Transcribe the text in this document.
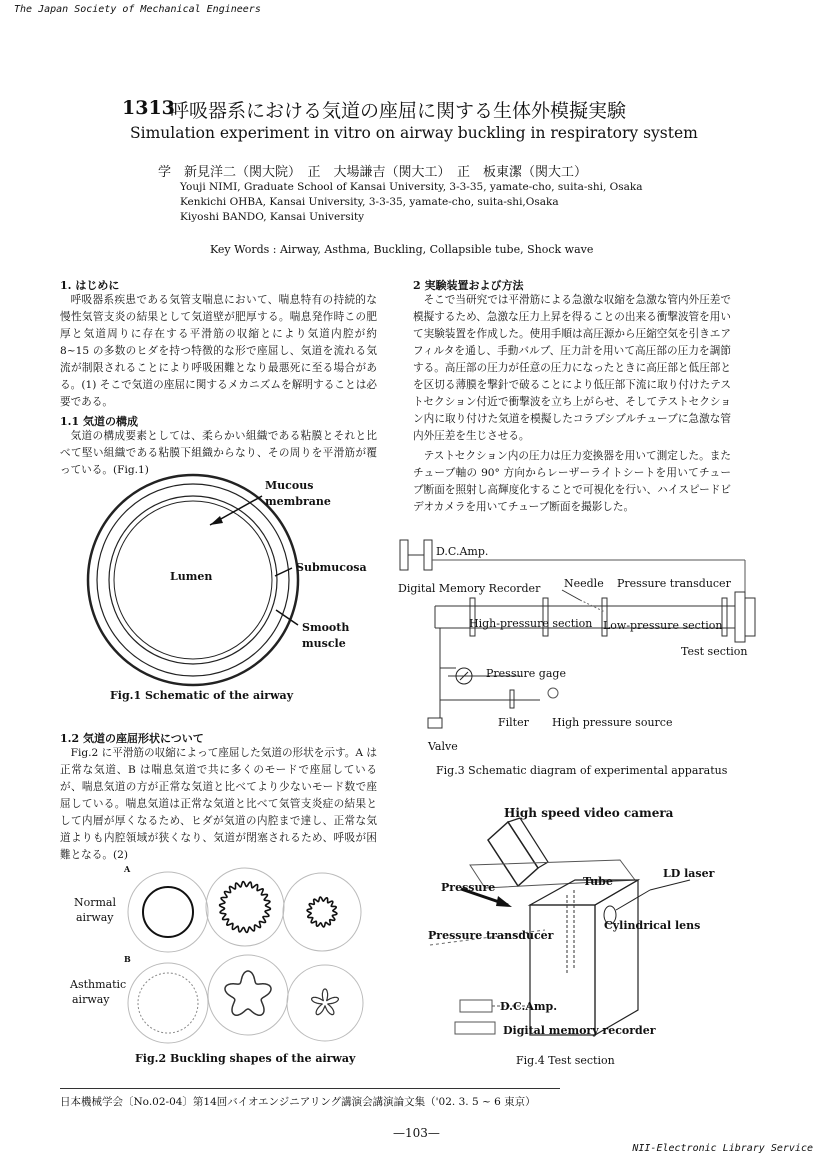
The Japan Society of Mechanical Engineers
1313
呼吸器系における気道の座屈に関する生体外模擬実験
Simulation experiment in vitro on airway buckling in respiratory system
学　新見洋二（関大院）　正　大場謙吉（関大工）　正　板東潔（関大工）
Youji NIMI, Graduate School of Kansai University, 3-3-35, yamate-cho, suita-shi, Osaka
Kenkichi OHBA, Kansai University, 3-3-35, yamate-cho, suita-shi,Osaka
Kiyoshi BANDO, Kansai University
Key Words : Airway, Asthma, Buckling, Collapsible tube, Shock wave
1. はじめに
呼吸器系疾患である気管支喘息において、喘息特有の持続的な慢性気管支炎の結果として気道壁が肥厚する。喘息発作時この肥厚と気道周りに存在する平滑筋の収縮とにより気道内腔が約 8~15 の多数のヒダを持つ特徴的な形で座屈し、気道を流れる気流が制限されることにより呼吸困難となり最悪死に至る場合がある。(1) そこで気道の座屈に関するメカニズムを解明することは必要である。
1.1 気道の構成
気道の構成要素としては、柔らかい組織である粘膜とそれと比べて堅い組織である粘膜下組織からなり、その周りを平滑筋が覆っている。(Fig.1)
Lumen
Mucous
membrane
Submucosa
Smooth
muscle
Fig.1 Schematic of the airway
1.2 気道の座屈形状について
Fig.2 に平滑筋の収縮によって座屈した気道の形状を示す。A は正常な気道、B は喘息気道で共に多くのモードで座屈しているが、喘息気道の方が正常な気道と比べてより少ないモード数で座屈している。喘息気道は正常な気道と比べて気管支炎症の結果として内層が厚くなるため、ヒダが気道の内腔まで達し、正常な気道よりも内腔領域が狭くなり、気道が閉塞されるため、呼吸が困難となる。(2)
A
B
Normal
airway
Asthmatic
airway
Fig.2 Buckling shapes of the airway
2 実験装置および方法
そこで当研究では平滑筋による急激な収縮を急激な管内外圧差で模擬するため、急激な圧力上昇を得ることの出来る衝撃波管を用いて実験装置を作成した。使用手順は高圧源から圧縮空気を引きエアフィルタを通し、手動バルブ、圧力計を用いて高圧部の圧力を調節する。高圧部の圧力が任意の圧力になったときに高圧部と低圧部とを区切る薄膜を撃針で破ることにより低圧部下流に取り付けたテストセクション付近で衝撃波を立ち上がらせ、そしてテストセクション内に取り付けた気道を模擬したコラプシブルチューブに急激な管内外圧差を生じさせる。
テストセクション内の圧力は圧力変換器を用いて測定した。またチューブ軸の 90° 方向からレーザーライトシートを用いてチューブ断面を照射し高輝度化することで可視化を行い、ハイスピードビデオカメラを用いてチューブ断面を撮影した。
D.C.Amp.
Digital Memory Recorder Needle Pressure transducer
High-pressure section Low-pressure section
Test section
Pressure gage
Filter High pressure source
Valve
Fig.3 Schematic diagram of experimental apparatus
High speed video camera
LD laser
Pressure	Tube
Cylindrical lens
Pressure transducer
D.C.Amp.
Digital memory recorder
Fig.4 Test section
日本機械学会〔No.02-04〕第14回バイオエンジニアリング講演会講演論文集（'02. 3. 5 ~ 6 東京）
—103—
NII-Electronic Library Service
